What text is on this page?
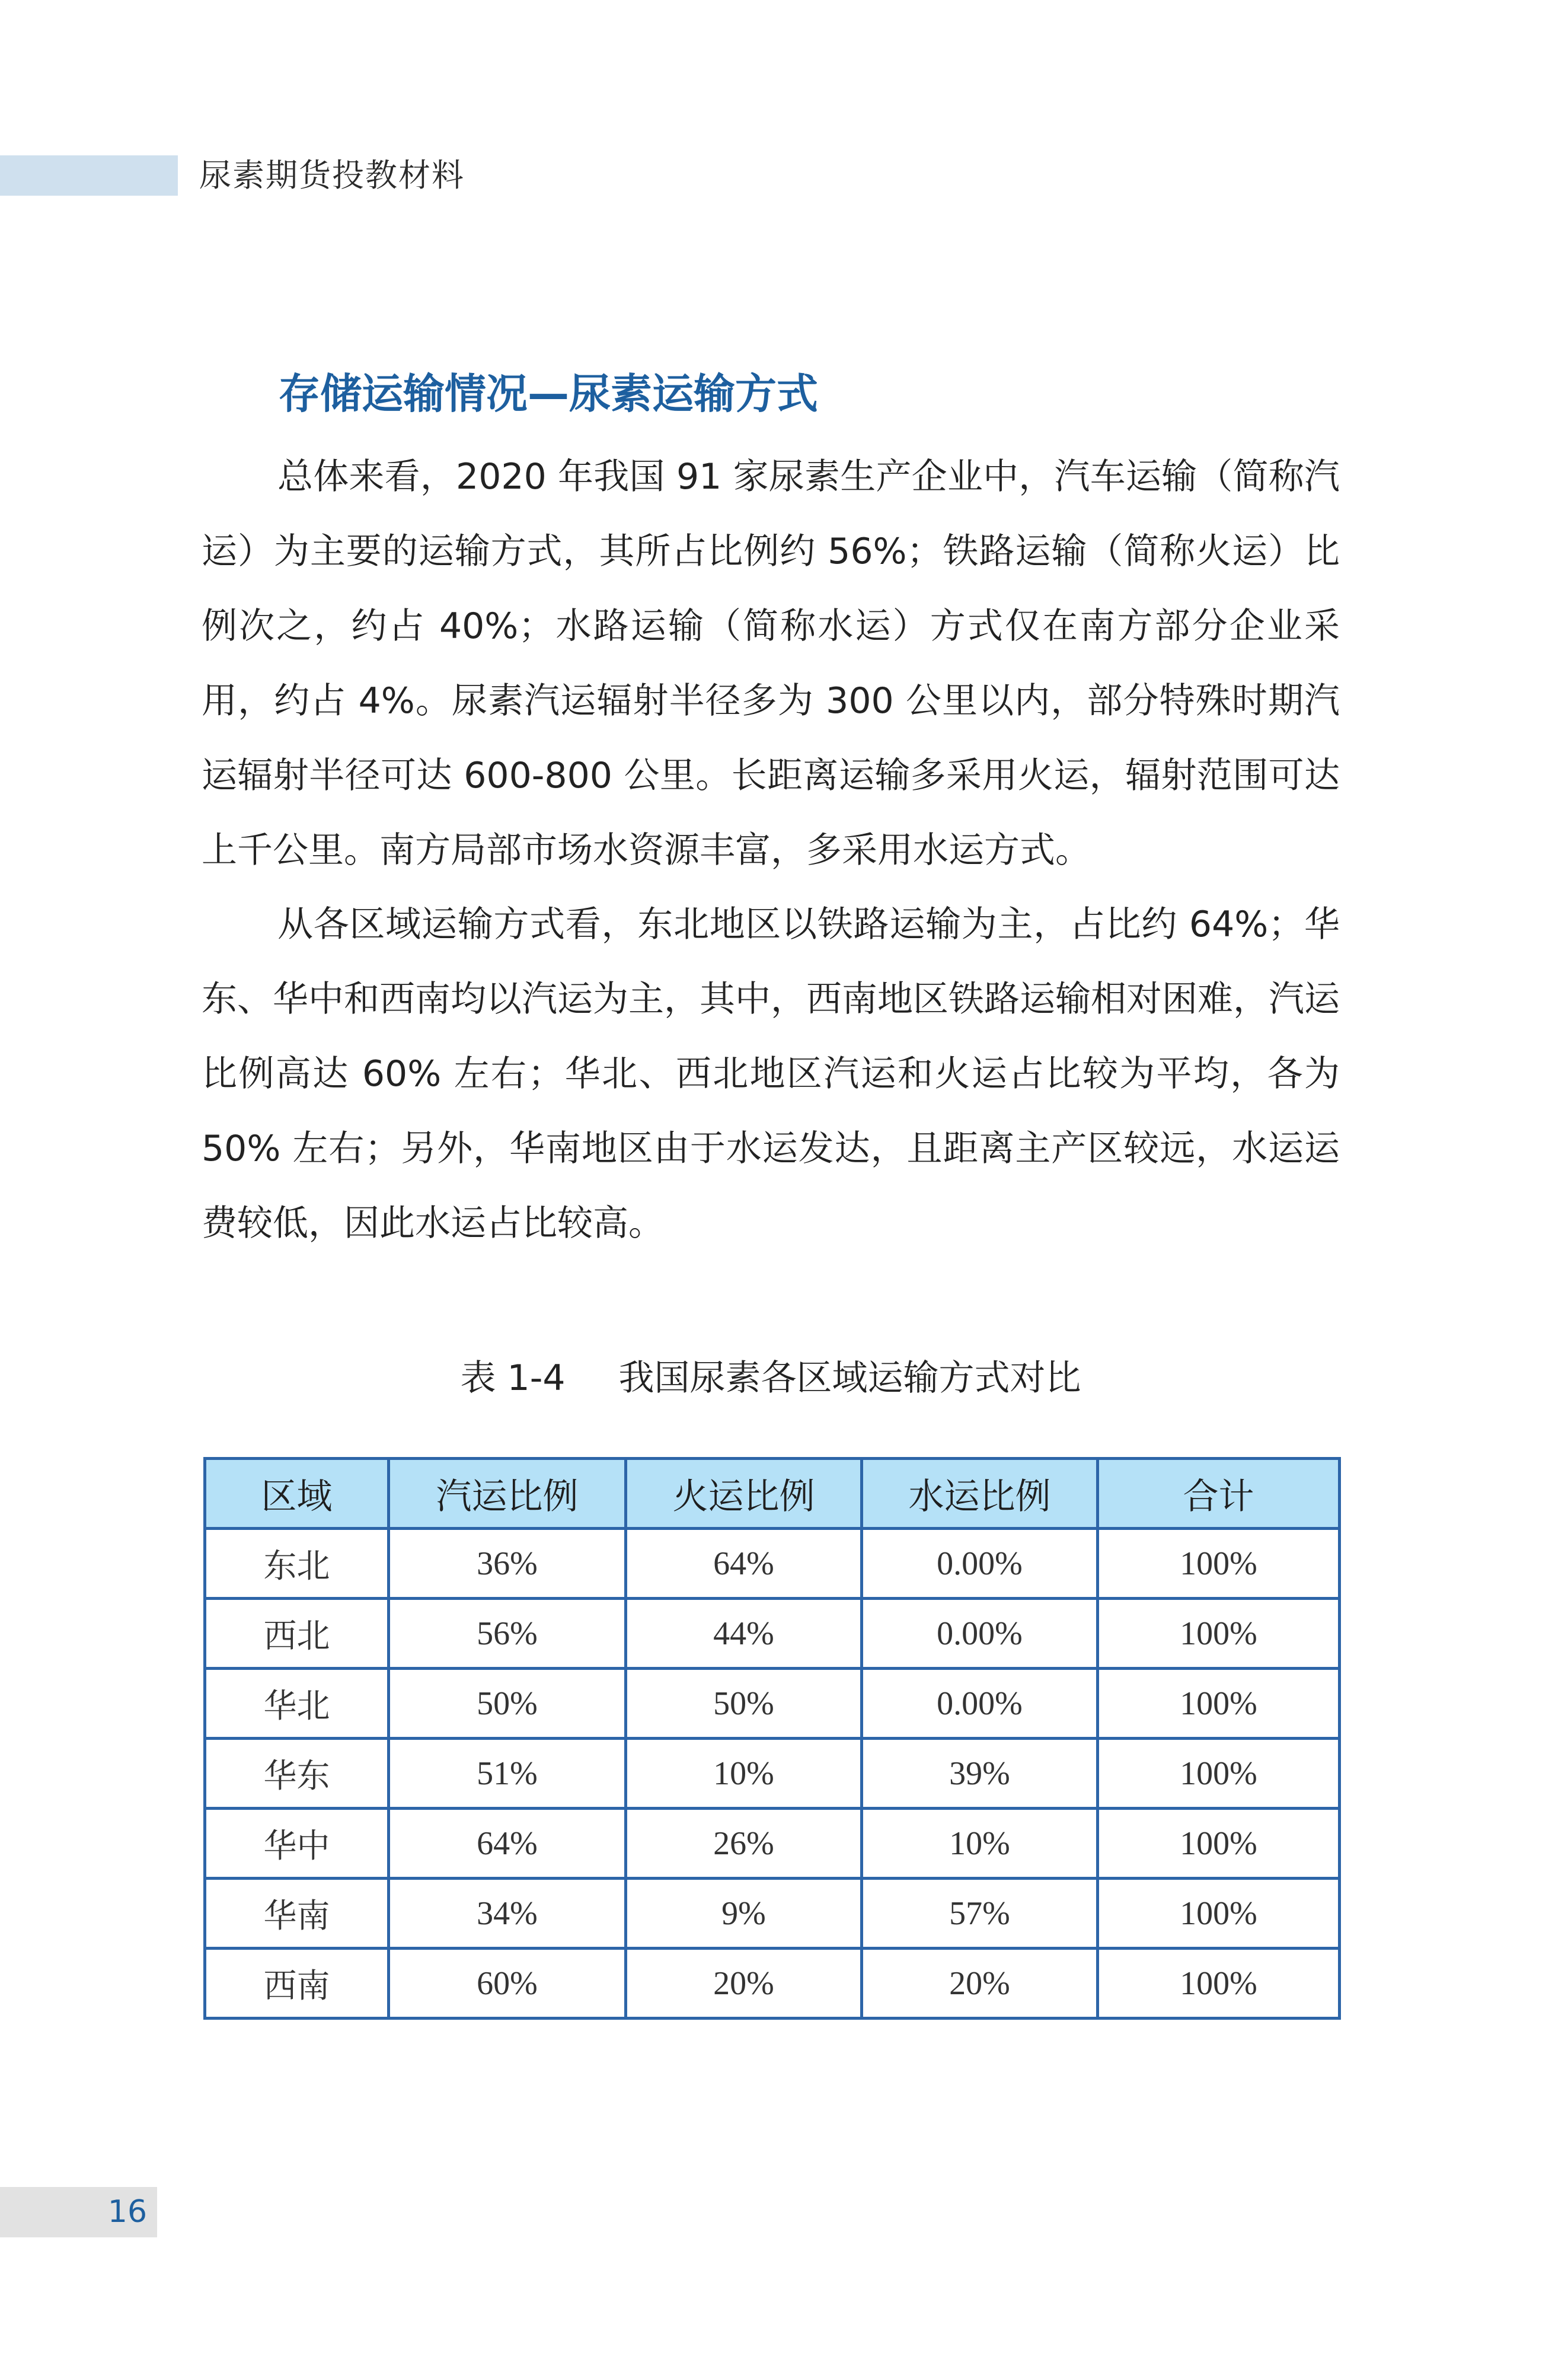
尿素期货投教材料
存储运输情况—尿素运输方式

总体来看，2020 年我国 91 家尿素生产企业中，汽车运输（简称汽运）为主要的运输方式，其所占比例约 56%；铁路运输（简称火运）比例次之，约占 40%；水路运输（简称水运）方式仅在南方部分企业采用，约占 4%。尿素汽运辐射半径多为 300 公里以内，部分特殊时期汽运辐射半径可达 600-800 公里。长距离运输多采用火运，辐射范围可达上千公里。南方局部市场水资源丰富，多采用水运方式。

从各区域运输方式看，东北地区以铁路运输为主，占比约 64%；华东、华中和西南均以汽运为主，其中，西南地区铁路运输相对困难，汽运比例高达 60% 左右；华北、西北地区汽运和火运占比较为平均，各为 50% 左右；另外，华南地区由于水运发达，且距离主产区较远，水运运费较低，因此水运占比较高。

表 1-4 我国尿素各区域运输方式对比
区域	汽运比例	火运比例	水运比例	合计
东北	36%	64%	0.00%	100%
西北	56%	44%	0.00%	100%
华北	50%	50%	0.00%	100%
华东	51%	10%	39%	100%
华中	64%	26%	10%	100%
华南	34%	9%	57%	100%
西南	60%	20%	20%	100%
16
